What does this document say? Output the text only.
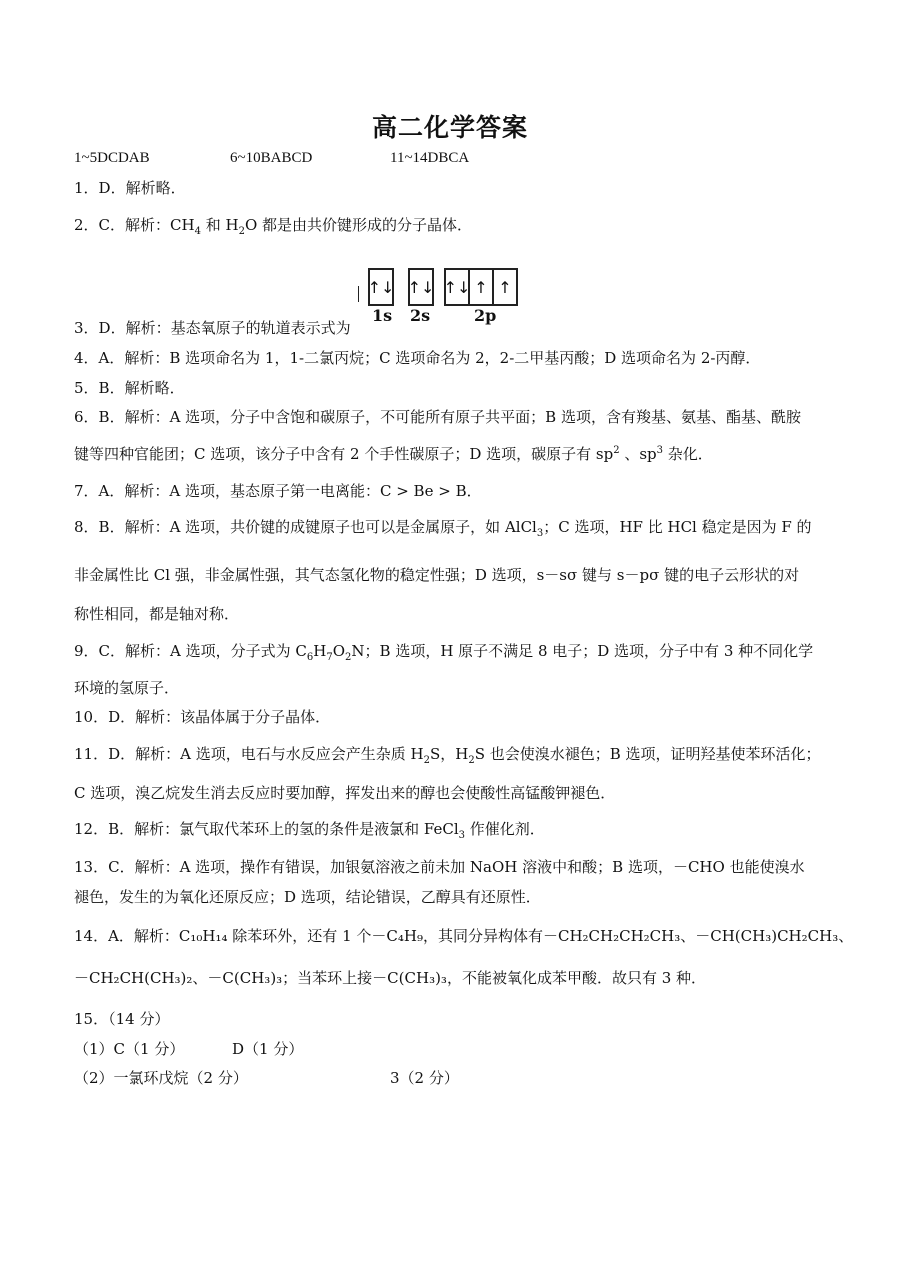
高二化学答案
1~5DCDAB	6~10BABCD	11~14DBCA
1．D．解析略．
2．C．解析：$CH_4$ 和 $H_2O$ 都是由共价键形成的分子晶体．
↑↓ ↑↓ ↑↓ ↑ ↑
1s 2s	2p
3．D．解析：基态氧原子的轨道表示式为
4．A．解析：B 选项命名为 1，1-二氯丙烷；C 选项命名为 2，2-二甲基丙酸；D 选项命名为 2-丙醇．
5．B．解析略．
6．B．解析：A 选项，分子中含饱和碳原子，不可能所有原子共平面；B 选项，含有羧基、氨基、酯基、酰胺
键等四种官能团；C 选项，该分子中含有 2 个手性碳原子；D 选项，碳原子有 $sp^2$ 、$sp^3$ 杂化．
7．A．解析：A 选项，基态原子第一电离能：C > Be > B．
8．B．解析：A 选项，共价键的成键原子也可以是金属原子，如 AlCl$_3$；C 选项，HF 比 HCl 稳定是因为 F 的
非金属性比 Cl 强，非金属性强，其气态氢化物的稳定性强；D 选项，s－sσ 键与 s－pσ 键的电子云形状的对
称性相同，都是轴对称．
9．C．解析：A 选项，分子式为 $C_6H_7O_2N$；B 选项，H 原子不满足 8 电子；D 选项，分子中有 3 种不同化学
环境的氢原子．
10．D．解析：该晶体属于分子晶体．
11．D．解析：A 选项，电石与水反应会产生杂质 $H_2S$，$H_2S$ 也会使溴水褪色；B 选项，证明羟基使苯环活化；
C 选项，溴乙烷发生消去反应时要加醇，挥发出来的醇也会使酸性高锰酸钾褪色．
12．B．解析：氯气取代苯环上的氢的条件是液氯和 FeCl$_3$ 作催化剂．
13．C．解析：A 选项，操作有错误，加银氨溶液之前未加 NaOH 溶液中和酸；B 选项，－CHO 也能使溴水
褪色，发生的为氧化还原反应；D 选项，结论错误，乙醇具有还原性．
14．A．解析：C₁₀H₁₄ 除苯环外，还有 1 个－C₄H₉，其同分异构体有－CH₂CH₂CH₂CH₃、－CH(CH₃)CH₂CH₃、
－CH₂CH(CH₃)₂、－C(CH₃)₃；当苯环上接－C(CH₃)₃，不能被氧化成苯甲酸．故只有 3 种．
15．（14 分）
（1）C（1 分）	D（1 分）
（2）一氯环戊烷（2 分）	3（2 分）
